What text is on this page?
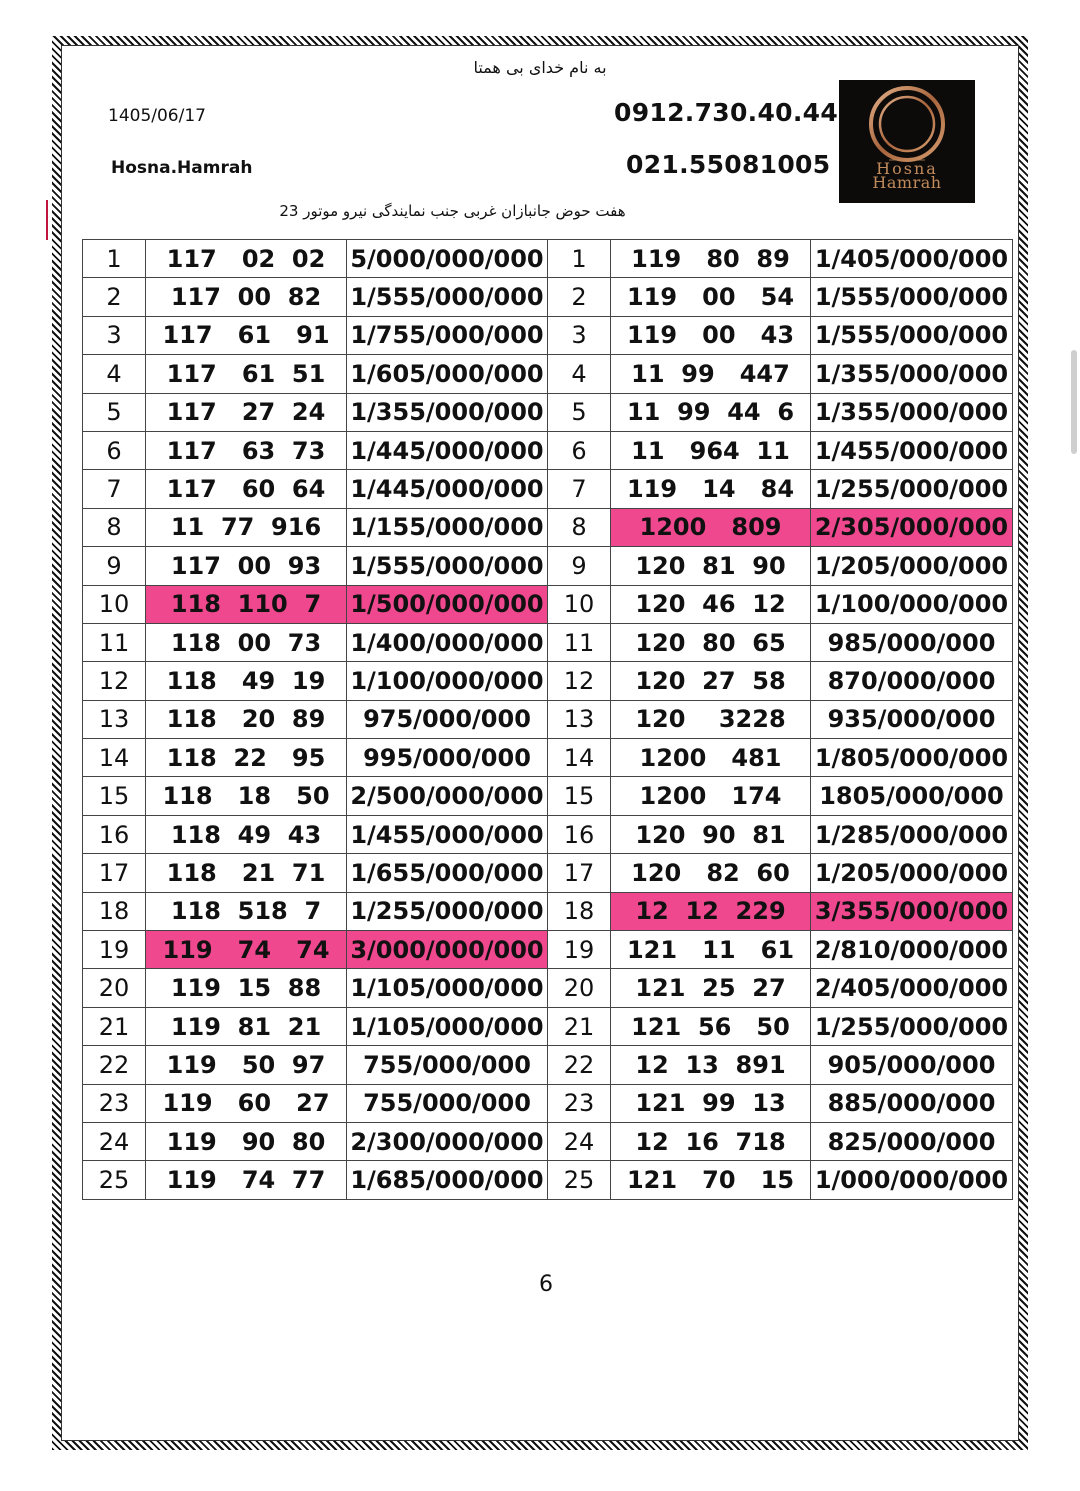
به نام خدای بی همتا
1405/06/17
Hosna.Hamrah
0912.730.40.44
021.55081005	Hosna
Hamrah
هفت حوض جانبازان غربی جنب نمایندگی نیرو موتور 23
1	117   02  02	5/000/000/000	1	119   80  89	1/405/000/000
2	117  00  82	1/555/000/000	2	119   00   54	1/555/000/000
3	117   61   91	1/755/000/000	3	119   00   43	1/555/000/000
4	117   61  51	1/605/000/000	4	11  99   447	1/355/000/000
5	117   27  24	1/355/000/000	5	11  99  44  6	1/355/000/000
6	117   63  73	1/445/000/000	6	11   964  11	1/455/000/000
7	117   60  64	1/445/000/000	7	119   14   84	1/255/000/000
8	11  77  916	1/155/000/000	8	1200   809	2/305/000/000
9	117  00  93	1/555/000/000	9	120  81  90	1/205/000/000
10	118  110  7	1/500/000/000	10	120  46  12	1/100/000/000
11	118  00  73	1/400/000/000	11	120  80  65	985/000/000
12	118   49  19	1/100/000/000	12	120  27  58	870/000/000
13	118   20  89	975/000/000	13	120    3228	935/000/000
14	118  22   95	995/000/000	14	1200   481	1/805/000/000
15	118   18   50	2/500/000/000	15	1200   174	1805/000/000
16	118  49  43	1/455/000/000	16	120  90  81	1/285/000/000
17	118   21  71	1/655/000/000	17	120   82  60	1/205/000/000
18	118  518  7	1/255/000/000	18	12  12  229	3/355/000/000
19	119   74   74	3/000/000/000	19	121   11   61	2/810/000/000
20	119  15  88	1/105/000/000	20	121  25  27	2/405/000/000
21	119  81  21	1/105/000/000	21	121  56   50	1/255/000/000
22	119   50  97	755/000/000	22	12  13  891	905/000/000
23	119   60   27	755/000/000	23	121  99  13	885/000/000
24	119   90  80	2/300/000/000	24	12  16  718	825/000/000
25	119   74  77	1/685/000/000	25	121   70   15	1/000/000/000
6
